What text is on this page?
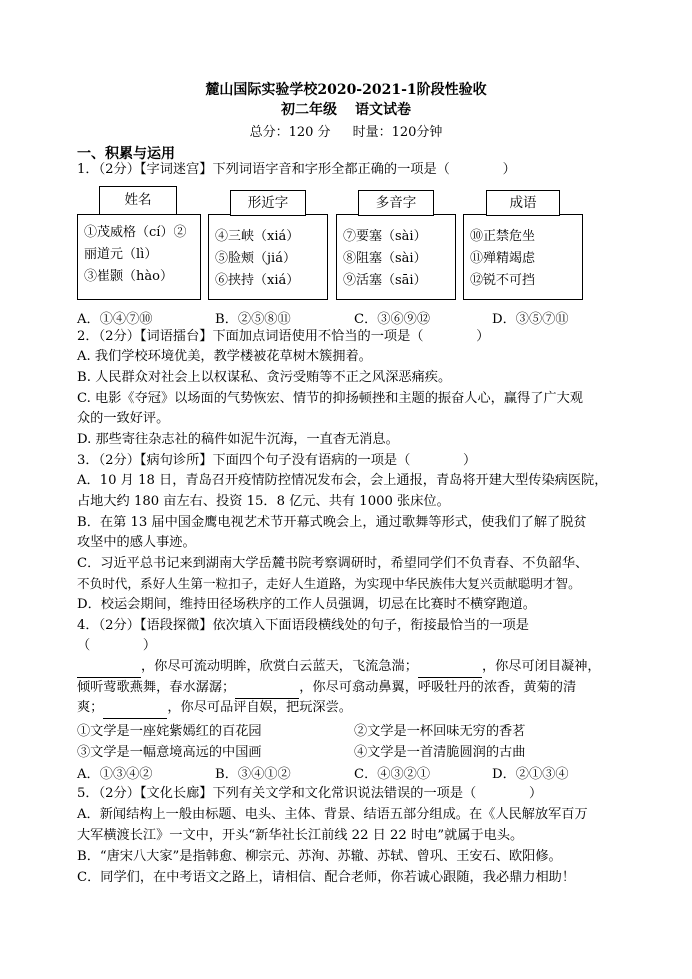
麓山国际实验学校2020-2021-1阶段性验收
初二年级 语文试卷
总分：120 分 时量：120分钟
一、积累与运用
1．（2分）【字词迷宫】下列词语字音和字形全都正确的一项是（　　　　）
①茂威格（cí）②
丽道元（lì）
③崔颢（hào）
姓名
④三峡（xiá）
⑤脸颊（jiá）
⑥挟持（xiá）
形近字
⑦要塞（sài）
⑧阻塞（sài）
⑨活塞（sāi）
多音字
⑩正禁危坐
⑪殚精竭虑
⑫锐不可挡
成语
A．①④⑦⑩	B．②⑤⑧⑪	C．③⑥⑨⑫	D．③⑤⑦⑪
2．（2分）【词语擂台】下面加点词语使用不恰当的一项是（　　　　）
A. 我们学校环境优美，教学楼被花草树木簇拥着。
B. 人民群众对社会上以权谋私、贪污受贿等不正之风深恶痛疾。
C. 电影《夺冠》以场面的气势恢宏、情节的抑扬顿挫和主题的振奋人心，赢得了广大观
众的一致好评。
D. 那些寄往杂志社的稿件如泥牛沉海，一直杳无消息。
3．（2分）【病句诊所】下面四个句子没有语病的一项是（　　　　）
A．10 月 18 日，青岛召开疫情防控情况发布会，会上通报，青岛将开建大型传染病医院，
占地大约 180 亩左右、投资 15．8 亿元、共有 1000 张床位。
B．在第 13 届中国金鹰电视艺术节开幕式晚会上，通过歌舞等形式，使我们了解了脱贫
攻坚中的感人事迹。
C．习近平总书记来到湖南大学岳麓书院考察调研时，希望同学们不负青春、不负韶华、
不负时代，系好人生第一粒扣子，走好人生道路，为实现中华民族伟大复兴贡献聪明才智。
D．校运会期间，维持田径场秩序的工作人员强调，切忌在比赛时不横穿跑道。
4．（2分）【语段探微】依次填入下面语段横线处的句子，衔接最恰当的一项是
（　　　　）
，你尽可流动明眸，欣赏白云蓝天，飞流急湍；	，你尽可闭目凝神，
倾听莺歌燕舞，春水潺潺；	，你尽可翕动鼻翼，呼吸牡丹的浓香，黄菊的清
爽；	，你尽可品评自娱，把玩深尝。
①文学是一座姹紫嫣红的百花园	②文学是一杯回味无穷的香茗
③文学是一幅意境高远的中国画	④文学是一首清脆圆润的古曲
A．①③④②	B．③④①②	C．④③②①	D．②①③④
5．（2分）【文化长廊】下列有关文学和文化常识说法错误的一项是（　　　　）
A．新闻结构上一般由标题、电头、主体、背景、结语五部分组成。在《人民解放军百万
大军横渡长江》一文中，开头“新华社长江前线 22 日 22 时电”就属于电头。
B．“唐宋八大家”是指韩愈、柳宗元、苏洵、苏辙、苏轼、曾巩、王安石、欧阳修。
C．同学们，在中考语文之路上，请相信、配合老师，你若诚心跟随，我必鼎力相助！
